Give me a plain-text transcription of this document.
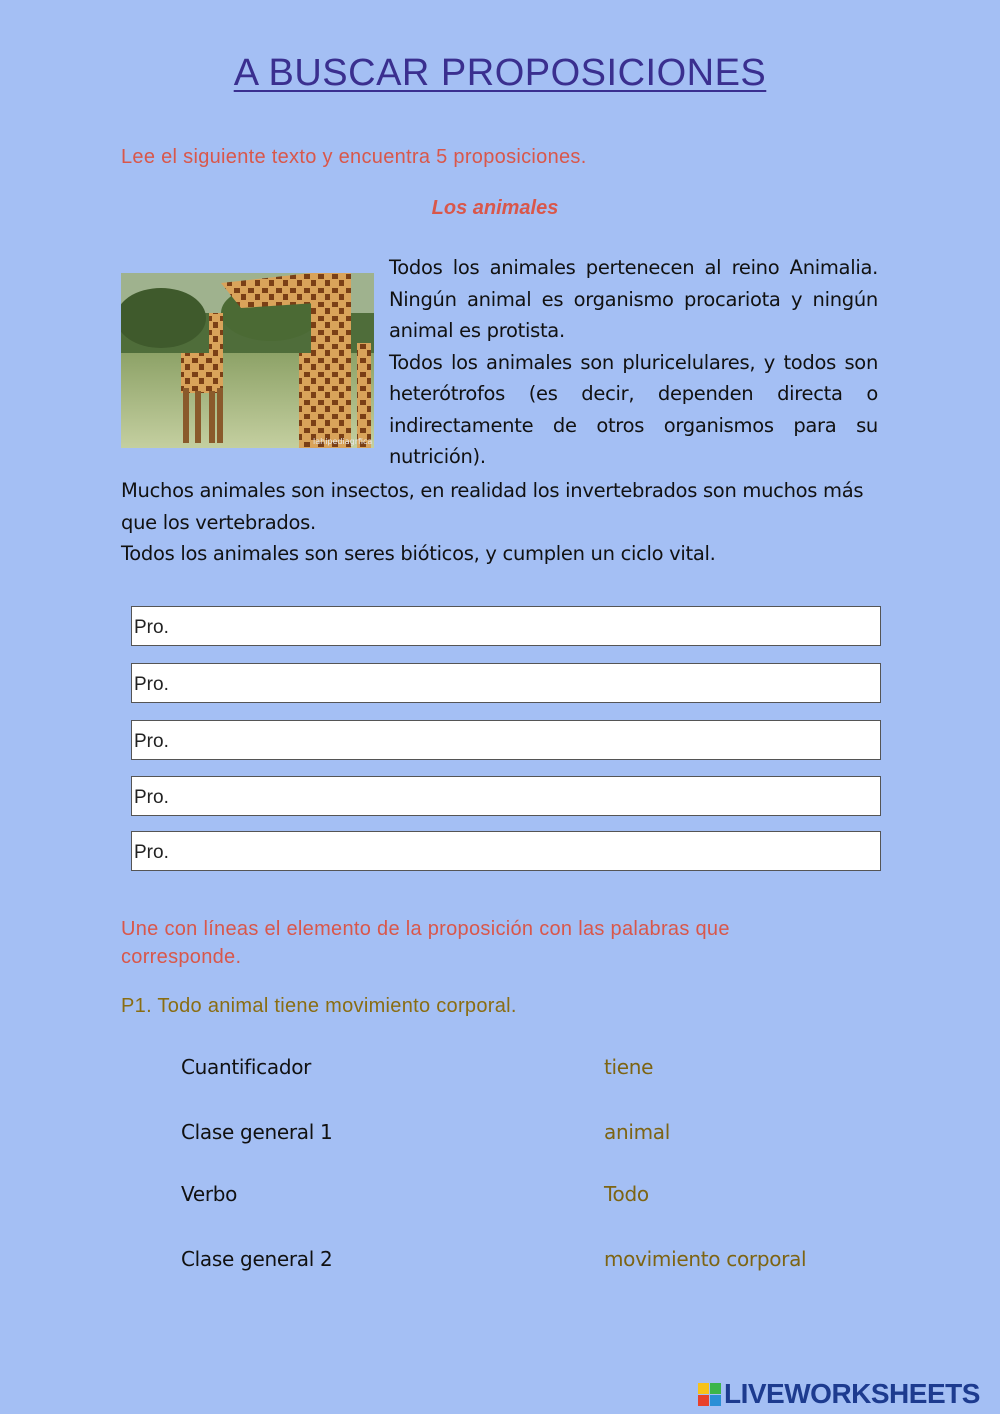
A BUSCAR PROPOSICIONES
Lee el siguiente texto y encuentra 5 proposiciones.
Los animales
lahipediagrfica

Todos los animales pertenecen al reino Animalia. Ningún animal es organismo procariota y ningún animal es protista.

Todos los animales son pluricelulares, y todos son heterótrofos (es decir, dependen directa o indirectamente de otros organismos para su nutrición).

Muchos animales son insectos, en realidad los invertebrados son muchos más que los vertebrados.

Todos los animales son seres bióticos, y cumplen un ciclo vital.

Pro.
Pro.
Pro.
Pro.
Pro.
Une con líneas el elemento de la proposición con las palabras que
corresponde.
P1. Todo animal tiene movimiento corporal.
Cuantificador
Clase general 1
Verbo
Clase general 2
tiene
animal
Todo
movimiento corporal
LIVEWORKSHEETS
